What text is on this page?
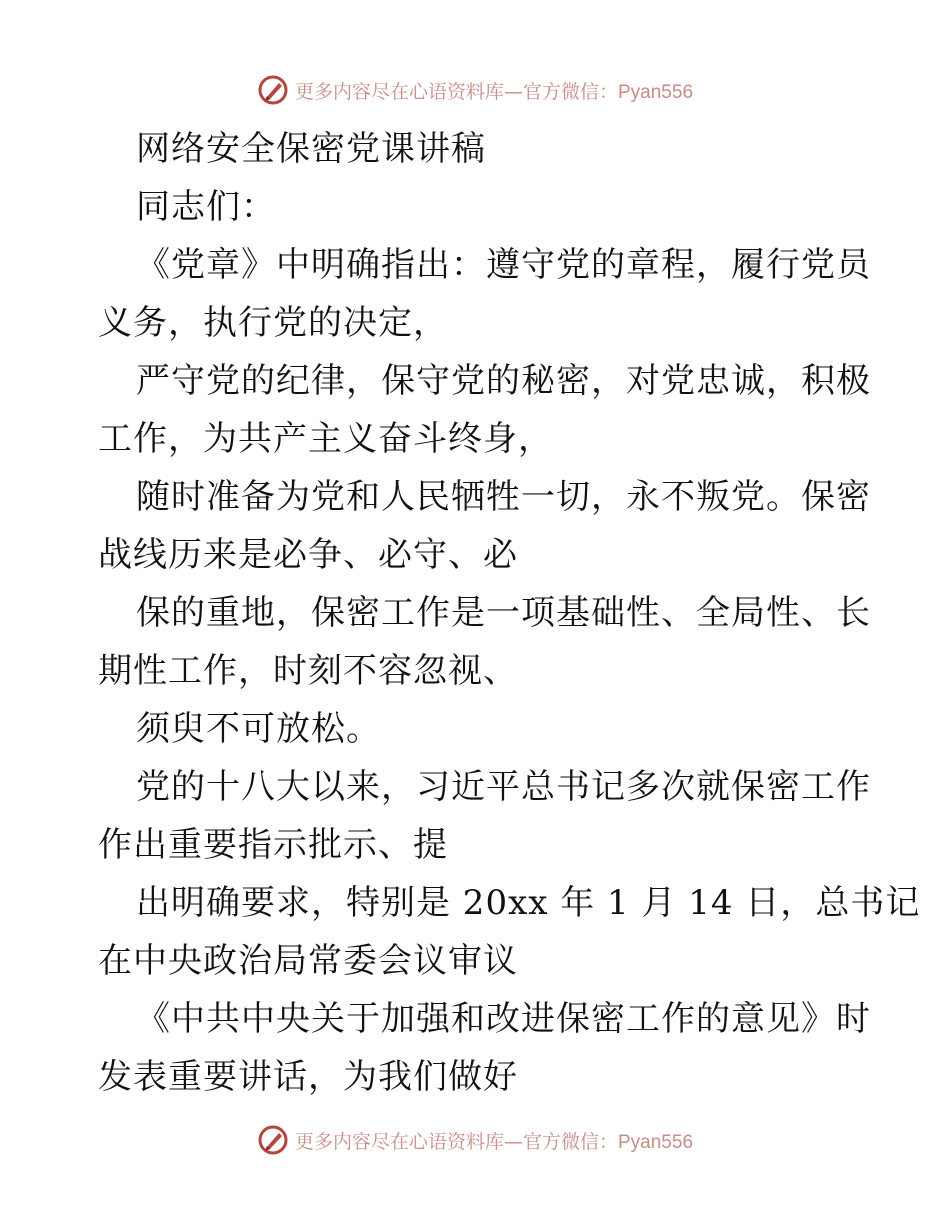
更多内容尽在心语资料库—官方微信：Pyan556
网络安全保密党课讲稿
同志们：
《党章》中明确指出：遵守党的章程，履行党员
义务，执行党的决定，
严守党的纪律，保守党的秘密，对党忠诚，积极
工作，为共产主义奋斗终身，
随时准备为党和人民牺牲一切，永不叛党。保密
战线历来是必争、必守、必
保的重地，保密工作是一项基础性、全局性、长
期性工作，时刻不容忽视、
须臾不可放松。
党的十八大以来，习近平总书记多次就保密工作
作出重要指示批示、提
出明确要求，特别是 20xx 年 1 月 14 日，总书记
在中央政治局常委会议审议
《中共中央关于加强和改进保密工作的意见》时
发表重要讲话，为我们做好
更多内容尽在心语资料库—官方微信：Pyan556
